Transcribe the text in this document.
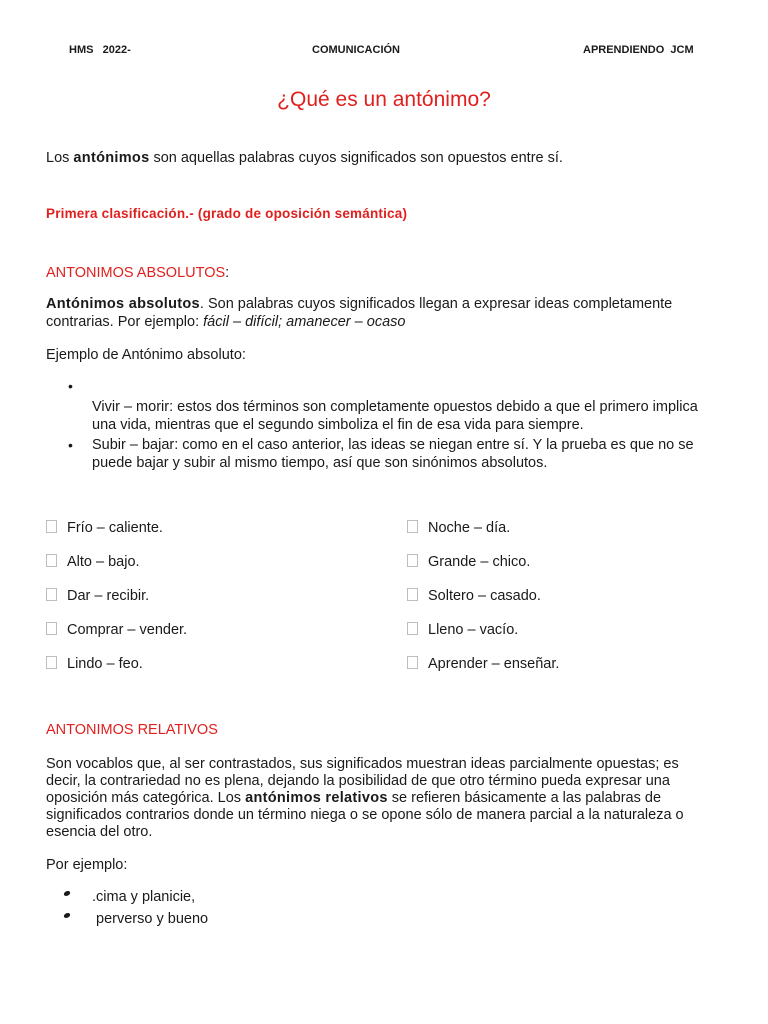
HMS   2022-	COMUNICACIÓN	APRENDIENDO  JCM
¿Qué es un antónimo?
Los antónimos son aquellas palabras cuyos significados son opuestos entre sí.
Primera clasificación.- (grado de oposición semántica)
ANTONIMOS ABSOLUTOS:
Antónimos absolutos. Son palabras cuyos significados llegan a expresar ideas completamente contrarias. Por ejemplo: fácil – difícil; amanecer – ocaso
Ejemplo de Antónimo absoluto:
•
Vivir – morir: estos dos términos son completamente opuestos debido a que el primero implica una vida, mientras que el segundo simboliza el fin de esa vida para siempre.
• Subir – bajar: como en el caso anterior, las ideas se niegan entre sí. Y la prueba es que no se puede bajar y subir al mismo tiempo, así que son sinónimos absolutos.
Frío – caliente.
Alto – bajo.
Dar – recibir.
Comprar – vender.
Lindo – feo.
Noche – día.
Grande – chico.
Soltero – casado.
Lleno – vacío.
Aprender – enseñar.
ANTONIMOS RELATIVOS
Son vocablos que, al ser contrastados, sus significados muestran ideas parcialmente opuestas; es decir, la contrariedad no es plena, dejando la posibilidad de que otro término pueda expresar una oposición más categórica. Los antónimos relativos se refieren básicamente a las palabras de significados contrarios donde un término niega o se opone sólo de manera parcial a la naturaleza o esencia del otro.
Por ejemplo:
.cima y planicie,
perverso y bueno
